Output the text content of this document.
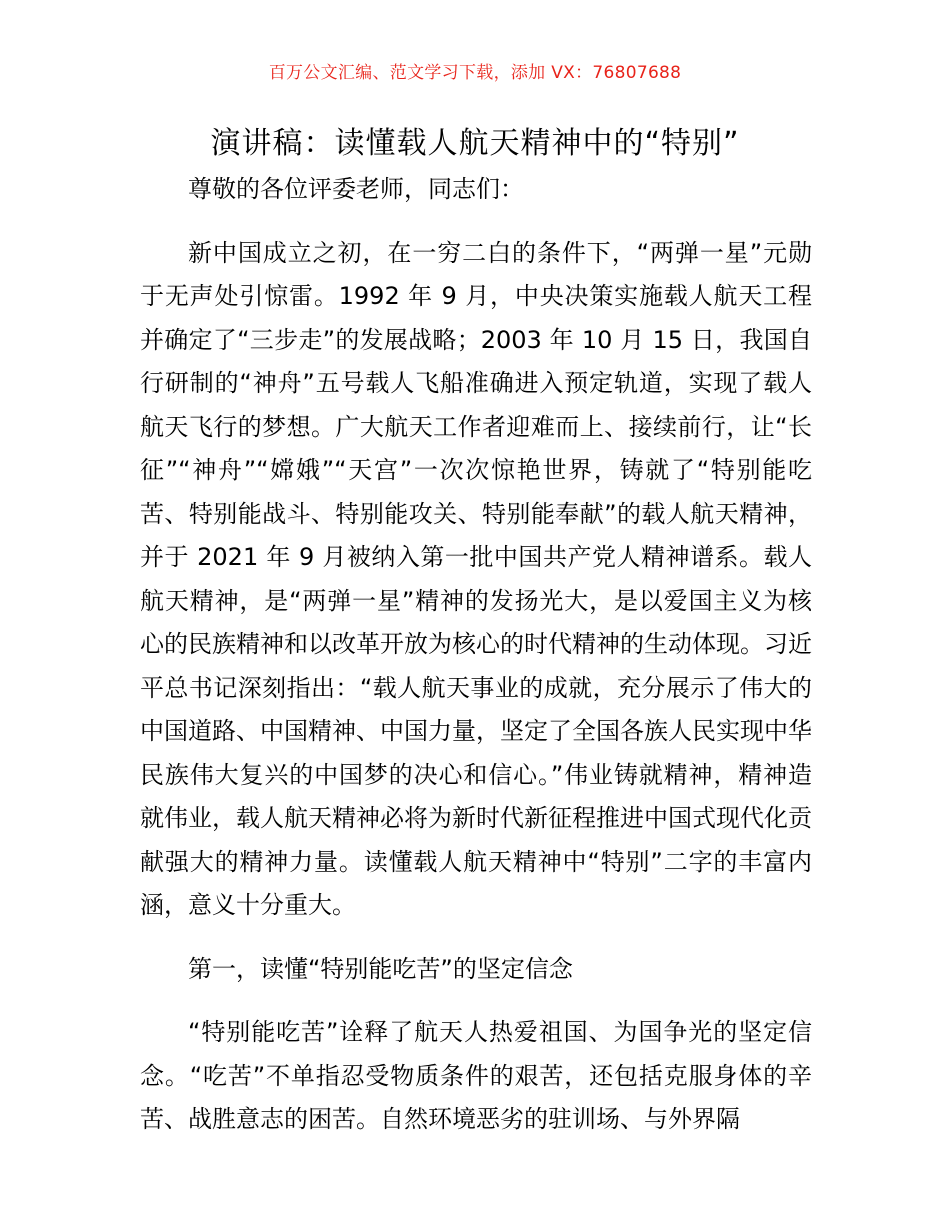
百万公文汇编、范文学习下载，添加 VX：76807688
演讲稿：读懂载人航天精神中的“特别”

尊敬的各位评委老师，同志们：

新中国成立之初，在一穷二白的条件下，“两弹一星”元勋于无声处引惊雷。1992 年 9 月，中央决策实施载人航天工程并确定了“三步走”的发展战略；2003 年 10 月 15 日，我国自行研制的“神舟”五号载人飞船准确进入预定轨道，实现了载人航天飞行的梦想。广大航天工作者迎难而上、接续前行，让“长征”“神舟”“嫦娥”“天宫”一次次惊艳世界，铸就了“特别能吃苦、特别能战斗、特别能攻关、特别能奉献”的载人航天精神，并于 2021 年 9 月被纳入第一批中国共产党人精神谱系。载人航天精神，是“两弹一星”精神的发扬光大，是以爱国主义为核心的民族精神和以改革开放为核心的时代精神的生动体现。习近平总书记深刻指出：“载人航天事业的成就，充分展示了伟大的中国道路、中国精神、中国力量，坚定了全国各族人民实现中华民族伟大复兴的中国梦的决心和信心。”伟业铸就精神，精神造就伟业，载人航天精神必将为新时代新征程推进中国式现代化贡献强大的精神力量。读懂载人航天精神中“特别”二字的丰富内涵，意义十分重大。

第一，读懂“特别能吃苦”的坚定信念

“特别能吃苦”诠释了航天人热爱祖国、为国争光的坚定信念。“吃苦”不单指忍受物质条件的艰苦，还包括克服身体的辛苦、战胜意志的困苦。自然环境恶劣的驻训场、与外界隔
